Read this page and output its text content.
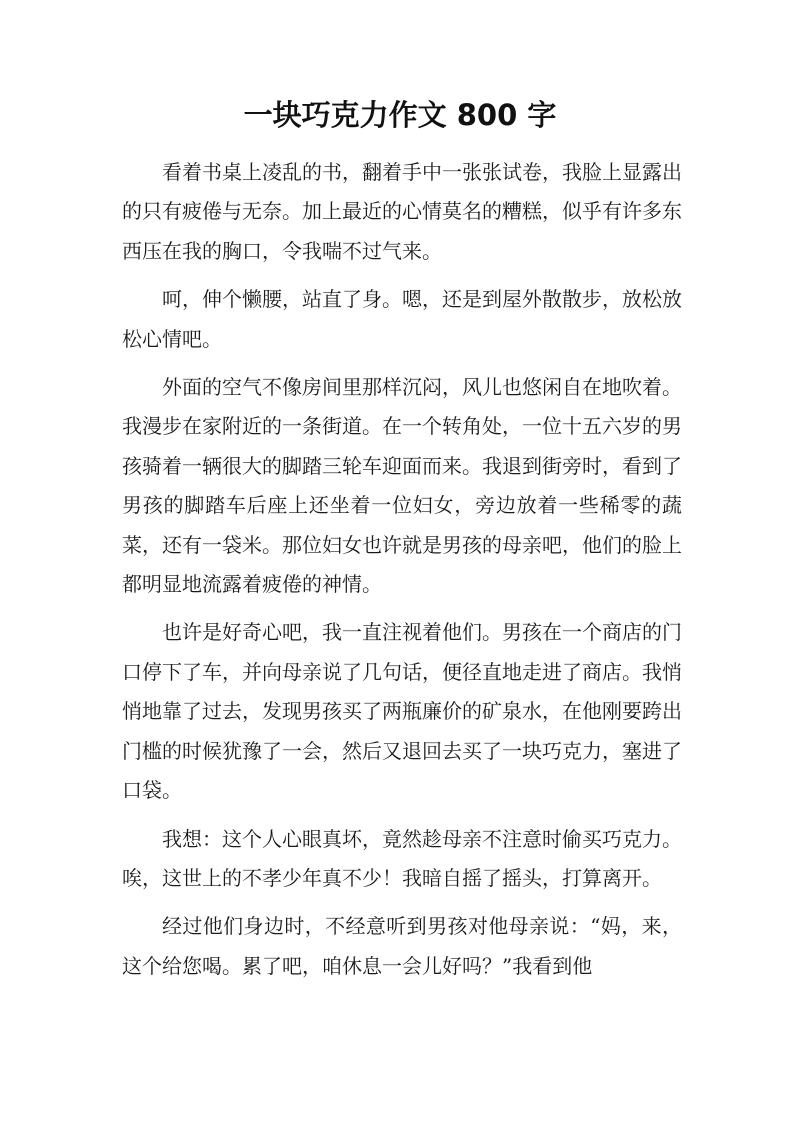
一块巧克力作文 800 字

看着书桌上凌乱的书，翻着手中一张张试卷，我脸上显露出的只有疲倦与无奈。加上最近的心情莫名的糟糕，似乎有许多东西压在我的胸口，令我喘不过气来。

呵，伸个懒腰，站直了身。嗯，还是到屋外散散步，放松放松心情吧。

外面的空气不像房间里那样沉闷，风儿也悠闲自在地吹着。我漫步在家附近的一条街道。在一个转角处，一位十五六岁的男孩骑着一辆很大的脚踏三轮车迎面而来。我退到街旁时，看到了男孩的脚踏车后座上还坐着一位妇女，旁边放着一些稀零的蔬菜，还有一袋米。那位妇女也许就是男孩的母亲吧，他们的脸上都明显地流露着疲倦的神情。

也许是好奇心吧，我一直注视着他们。男孩在一个商店的门口停下了车，并向母亲说了几句话，便径直地走进了商店。我悄悄地靠了过去，发现男孩买了两瓶廉价的矿泉水，在他刚要跨出门槛的时候犹豫了一会，然后又退回去买了一块巧克力，塞进了口袋。

我想：这个人心眼真坏，竟然趁母亲不注意时偷买巧克力。唉，这世上的不孝少年真不少！我暗自摇了摇头，打算离开。

经过他们身边时，不经意听到男孩对他母亲说：“妈，来，这个给您喝。累了吧，咱休息一会儿好吗？”我看到他
